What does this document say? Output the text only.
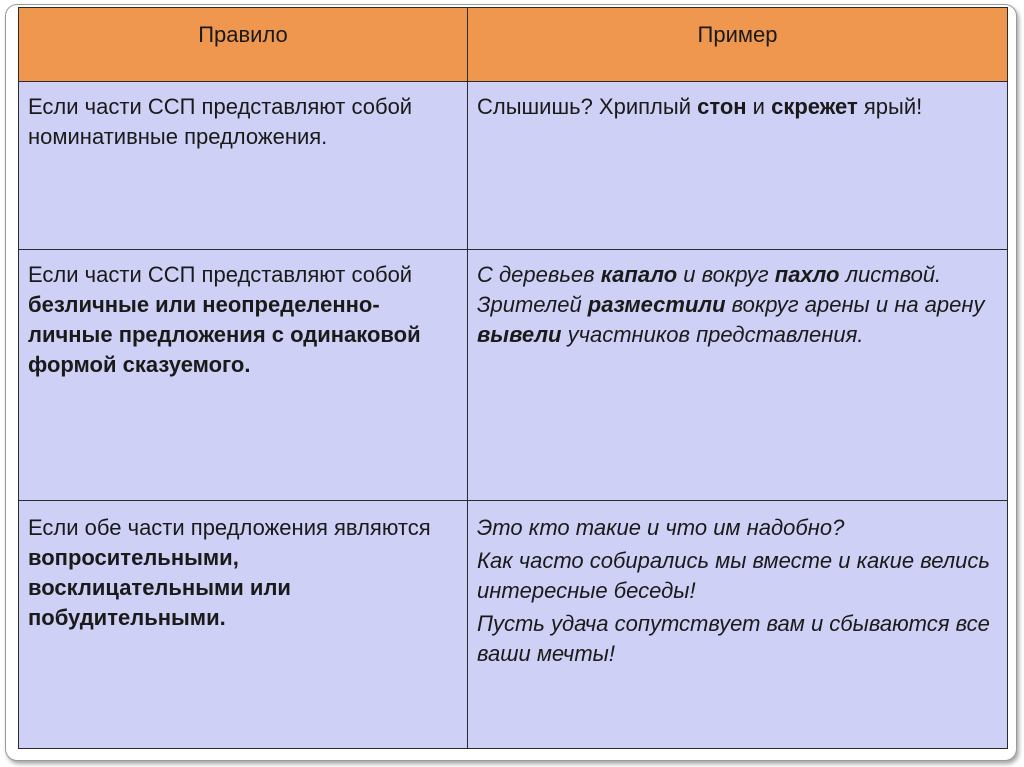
Правило	Пример
Если части ССП представляют собой номинативные предложения.	Слышишь? Хриплый стон и скрежет ярый!
Если части ССП представляют собой безличные или неопределенно-личные предложения с одинаковой формой сказуемого.	С деревьев капало и вокруг пахло листвой. Зрителей разместили вокруг арены и на арену вывели участников представления.
Если обе части предложения являются вопросительными, восклицательными или побудительными.	Это кто такие и что им надобно?
Как часто собирались мы вместе и какие велись интересные беседы!
Пусть удача сопутствует вам и сбываются все ваши мечты!
